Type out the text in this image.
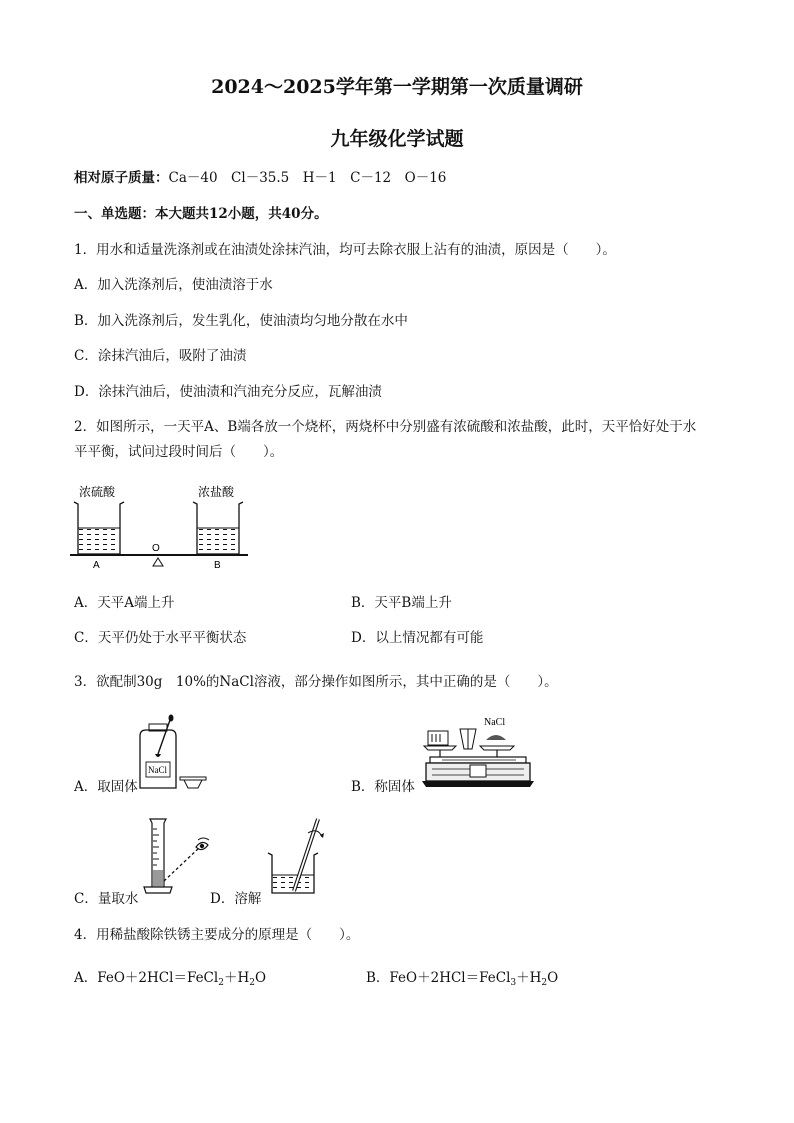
2024～2025学年第一学期第一次质量调研
九年级化学试题
相对原子质量：Ca－40　Cl－35.5　H－1　C－12　O－16
一、单选题：本大题共12小题，共40分。
1．用水和适量洗涤剂或在油渍处涂抹汽油，均可去除衣服上沾有的油渍，原因是（　　）。
A．加入洗涤剂后，使油渍溶于水
B．加入洗涤剂后，发生乳化，使油渍均匀地分散在水中
C．涂抹汽油后，吸附了油渍
D．涂抹汽油后，使油渍和汽油充分反应，瓦解油渍
2．如图所示，一天平A、B端各放一个烧杯，两烧杯中分别盛有浓硫酸和浓盐酸，此时，天平恰好处于水
平平衡，试问过段时间后（　　）。
浓硫酸	浓盐酸
O
A	B
A．天平A端上升	B．天平B端上升
C．天平仍处于水平平衡状态	D．以上情况都有可能
3．欲配制30g　10%的NaCl溶液，部分操作如图所示，其中正确的是（　　）。
NaCl
A．取固体
NaCl
B．称固体
C．量取水	D．溶解
4．用稀盐酸除铁锈主要成分的原理是（　　）。
A．$FeO+2HCl=FeCl_2+H_2O$	B．$FeO+2HCl=FeCl_3+H_2O$
